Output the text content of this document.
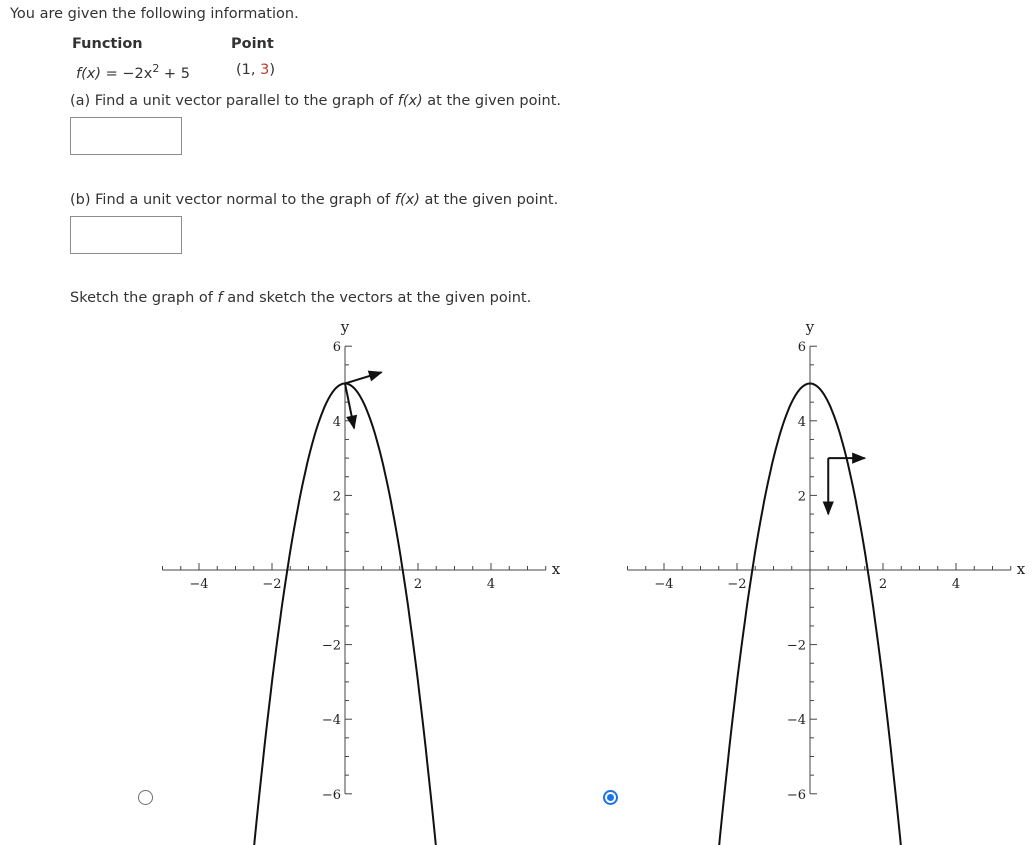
You are given the following information.
Function	Point
$f(x) = -2x^2 + 5$	(1, 3)
(a) Find a unit vector parallel to the graph of f(x) at the given point.
(b) Find a unit vector normal to the graph of f(x) at the given point.
Sketch the graph of f and sketch the vectors at the given point.
−4	−2	2	4
6
4
2
−2
−4
−6
x
y
−4	−2	2	4
6
4
2
−2
−4
−6
x
y
